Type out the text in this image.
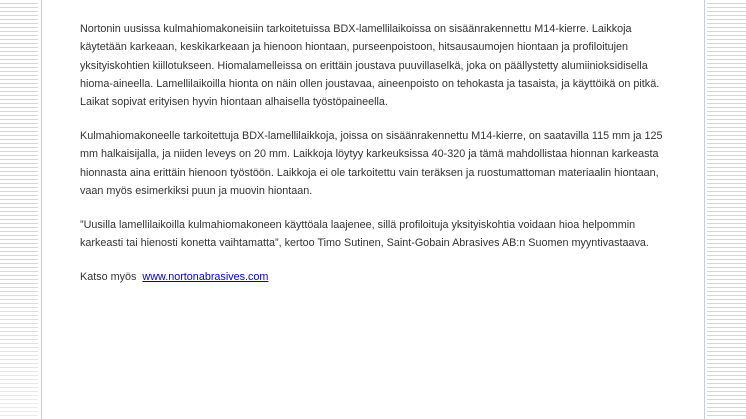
Nortonin uusissa kulmahiomakoneisiin tarkoitetuissa BDX-lamellilaikoissa on sisäänrakennettu M14-kierre. Laikkoja käytetään karkeaan, keskikarkeaan ja hienoon hiontaan, purseenpoistoon, hitsausaumojen hiontaan ja profiloitujen yksityiskohtien kiillotukseen. Hiomalamelleissa on erittäin joustava puuvillaselkä, joka on päällystetty alumiinioksidisella hioma-aineella. Lamellilaikoilla hionta on näin ollen joustavaa, aineenpoisto on tehokasta ja tasaista, ja käyttöikä on pitkä. Laikat sopivat erityisen hyvin hiontaan alhaisella työstöpaineella.

Kulmahiomakoneelle tarkoitettuja BDX-lamellilaikkoja, joissa on sisäänrakennettu M14-kierre, on saatavilla 115 mm ja 125 mm halkaisijalla, ja niiden leveys on 20 mm. Laikkoja löytyy karkeuksissa 40-320 ja tämä mahdollistaa hionnan karkeasta hionnasta aina erittäin hienoon työstöön. Laikkoja ei ole tarkoitettu vain teräksen ja ruostumattoman materiaalin hiontaan, vaan myös esimerkiksi puun ja muovin hiontaan.

”Uusilla lamellilaikoilla kulmahiomakoneen käyttöala laajenee, sillä profiloituja yksityiskohtia voidaan hioa helpommin karkeasti tai hienosti konetta vaihtamatta”, kertoo Timo Sutinen, Saint-Gobain Abrasives AB:n Suomen myyntivastaava.

Katso myös www.nortonabrasives.com
